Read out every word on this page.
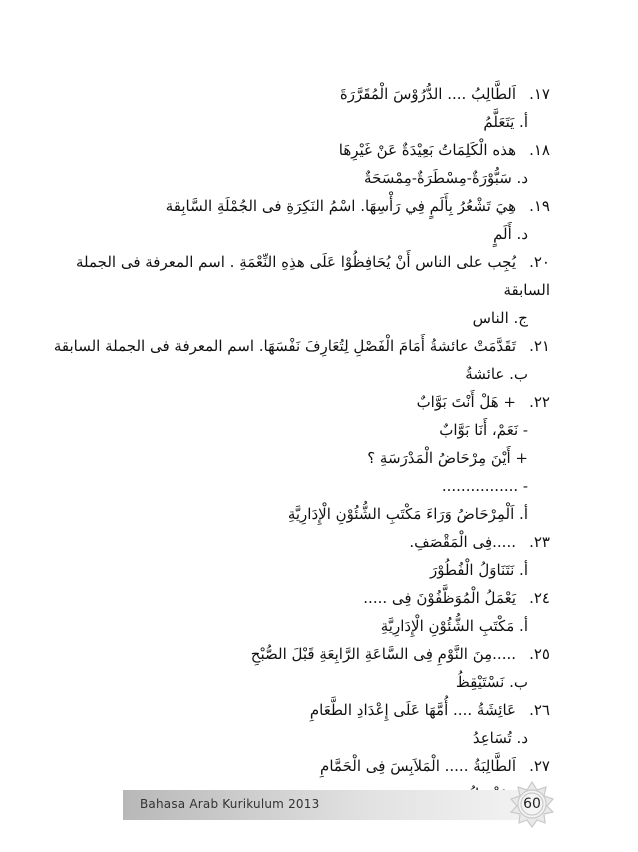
١٧.اَلطَّالِبُ .... الدُّرُوْسَ الْمُقَرَّرَةَ
أ. يَتَعَلَّمُ
١٨.هذه الْكَلِمَاتُ بَعِيْدَةٌ عَنْ غَيْرِهَا
د. سَبُّوْرَةٌ-مِسْطَرَةٌ-مِمْسَحَةٌ
١٩.هِيَ تَشْعُرُ بِأَلَمٍ فِي رَأْسِهَا. اسْمُ النَكِرَةِ فى الجُمْلَةِ السَّابِقة
د. أَلَمٍ
٢٠.يُجِب على الناس أَنْ يُحَافِظُوْا عَلَى هذِهِ النِّعْمَةِ . اسم المعرفة فى الجملة
السابقة
ج. الناس
٢١.تَقَدَّمَتْ عائشةُ أَمَامَ الْفَصْلِ لِتُعَارِفَ نَفْسَهَا. اسم المعرفة فى الجملة السابقة
ب. عائشةُ
٢٢.+ هَلْ أَنْتَ بَوَّابٌ
- نَعَمْ، أَنَا بَوَّابٌ
+ أَيْنَ مِرْحَاضُ الْمَدْرَسَةِ ؟
- ................
أ. اَلْمِرْحَاضُ وَرَاءَ مَكْتَبِ الشُّئُوْنِ الْإِدَارِيَّةِ
٢٣......فِى الْمَقْصَفِ.
أ. نَتَنَاوَلُ الْفُطُوْرَ
٢٤.يَعْمَلُ الْمُوَظَّفُوْنَ فِى .....
أ. مَكْتَبِ الشُّئُوْنِ الْإِدَارِيَّةِ
٢٥......مِنَ النَّوْمِ فِى السَّاعَةِ الرَّابِعَةِ قَبْلَ الصُّبْحِ
ب. نَسْتَيْقِظُ
٢٦.عَائِشَةُ .... أُمَّهَا عَلَى إِعْدَادِ الطَّعَامِ
د. تُسَاعِدُ
٢٧.اَلطَّالِبَةُ ..... الْمَلاَبِسَ فِى الْحَمَّامِ
Bahasa Arab Kurikulum 2013	60
